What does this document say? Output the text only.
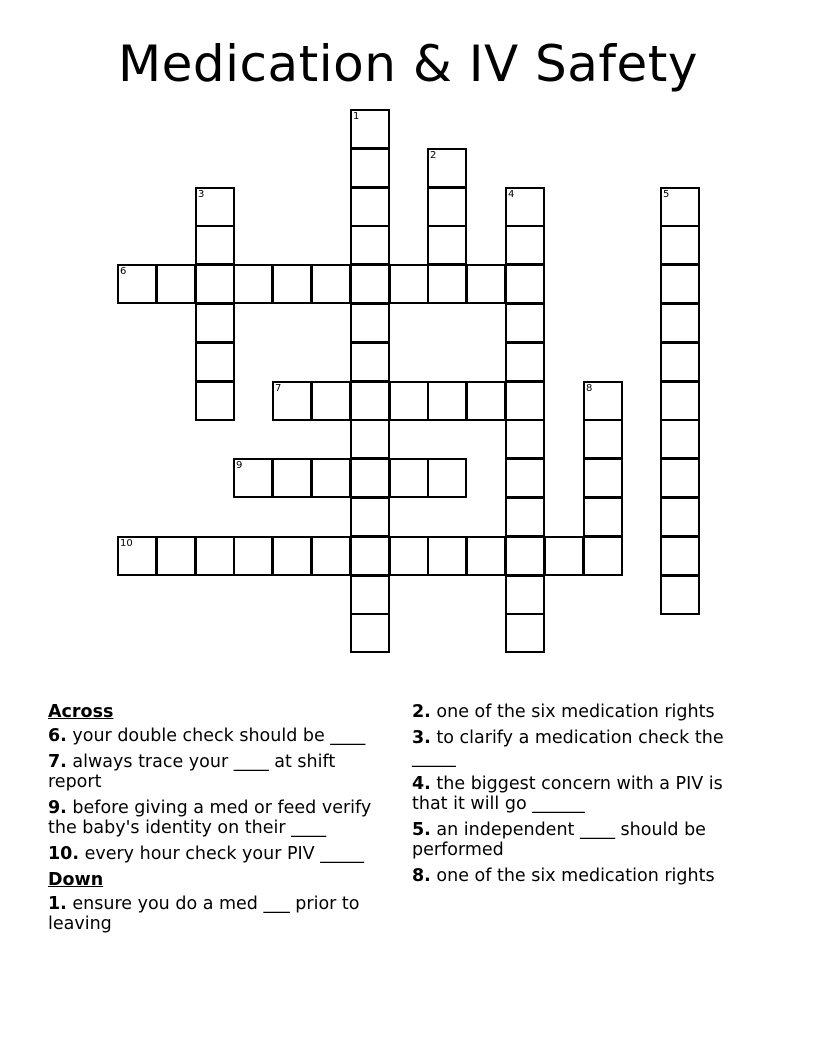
Medication & IV Safety
1
2
3	4	5
6
7	8
9
10
Across
6. your double check should be ____
7. always trace your ____ at shift report
9. before giving a med or feed verify the baby's identity on their ____
10. every hour check your PIV _____
Down
1. ensure you do a med ___ prior to leaving
2. one of the six medication rights
3. to clarify a medication check the _____
4. the biggest concern with a PIV is that it will go ______
5. an independent ____ should be performed
8. one of the six medication rights
